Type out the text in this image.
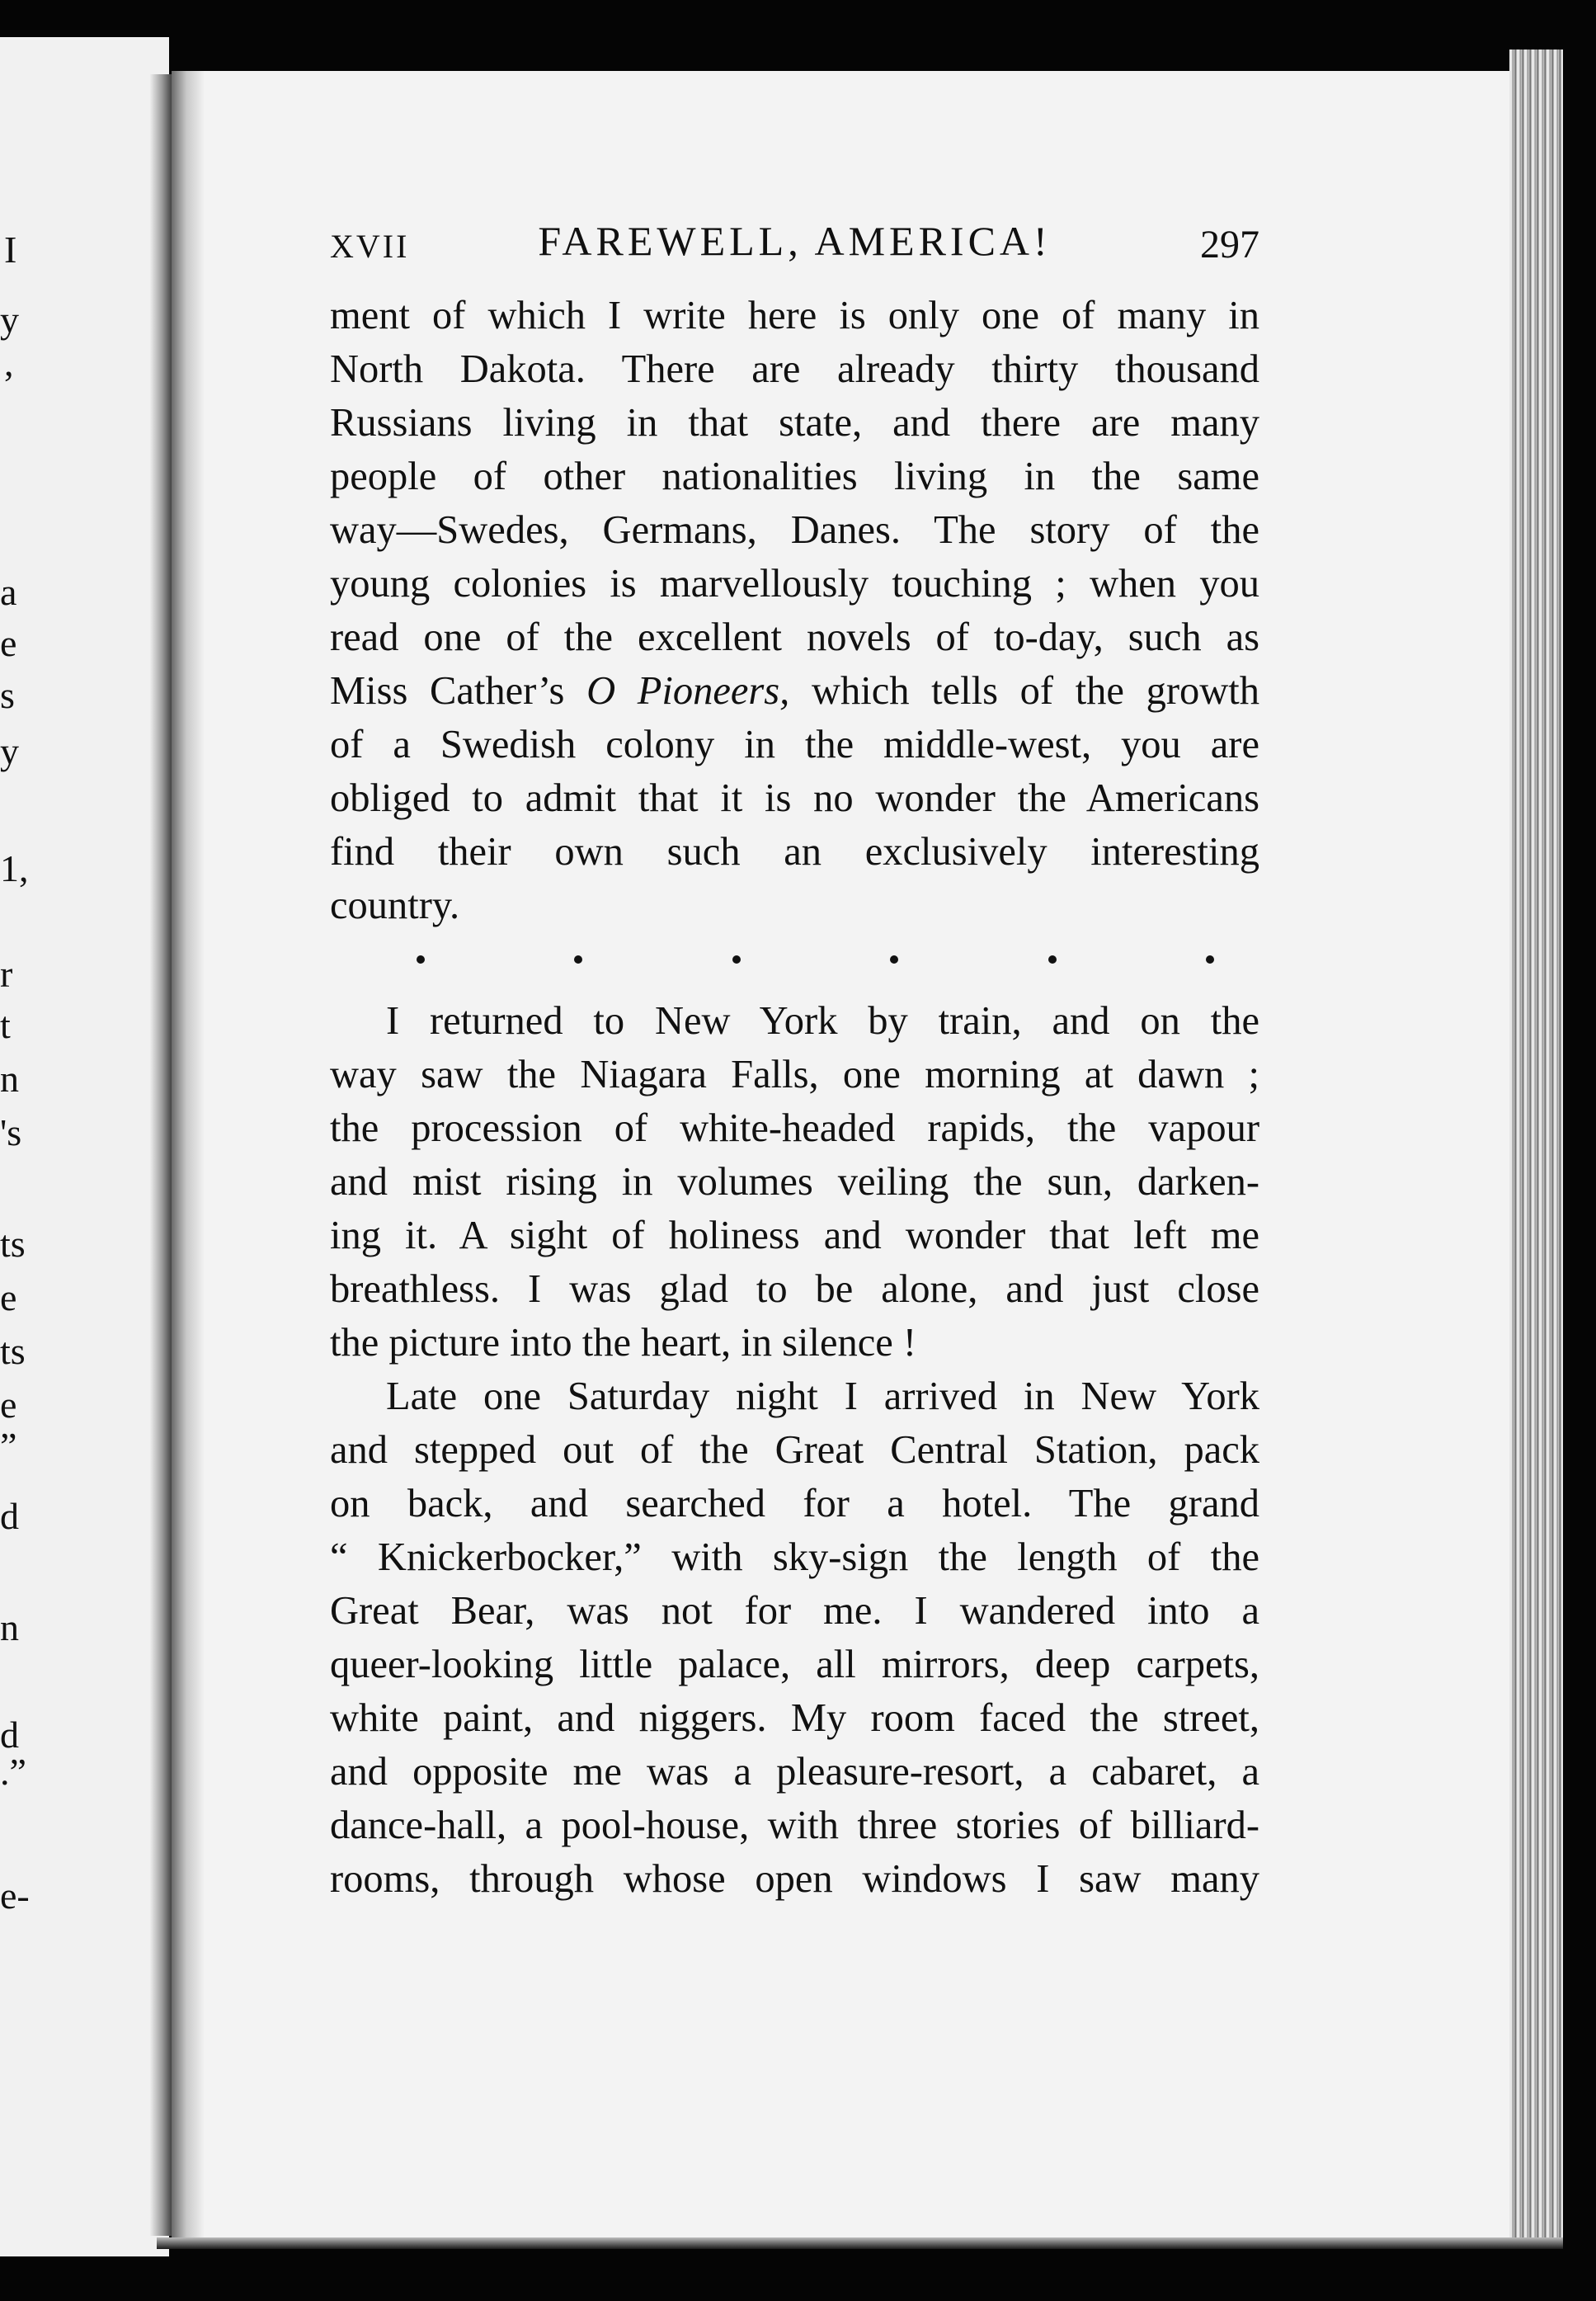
I
y
,
a
e
s
y
1,
r
t
n
's
ts
e
ts
e
”
d
n
d
.”
e-
XVII	FAREWELL, AMERICA!	297
ment of which I write here is only one of many in
North Dakota. There are already thirty thousand
Russians living in that state, and there are many
people of other nationalities living in the same
way—Swedes, Germans, Danes. The story of the
young colonies is marvellously touching ; when you
read one of the excellent novels of to-day, such as
Miss Cather’s O Pioneers, which tells of the growth
of a Swedish colony in the middle-west, you are
obliged to admit that it is no wonder the Americans
find their own such an exclusively interesting
country.
I returned to New York by train, and on the
way saw the Niagara Falls, one morning at dawn ;
the procession of white-headed rapids, the vapour
and mist rising in volumes veiling the sun, darken-
ing it. A sight of holiness and wonder that left me
breathless. I was glad to be alone, and just close
the picture into the heart, in silence !
Late one Saturday night I arrived in New York
and stepped out of the Great Central Station, pack
on back, and searched for a hotel. The grand
“ Knickerbocker,” with sky-sign the length of the
Great Bear, was not for me. I wandered into a
queer-looking little palace, all mirrors, deep carpets,
white paint, and niggers. My room faced the street,
and opposite me was a pleasure-resort, a cabaret, a
dance-hall, a pool-house, with three stories of billiard-
rooms, through whose open windows I saw many
